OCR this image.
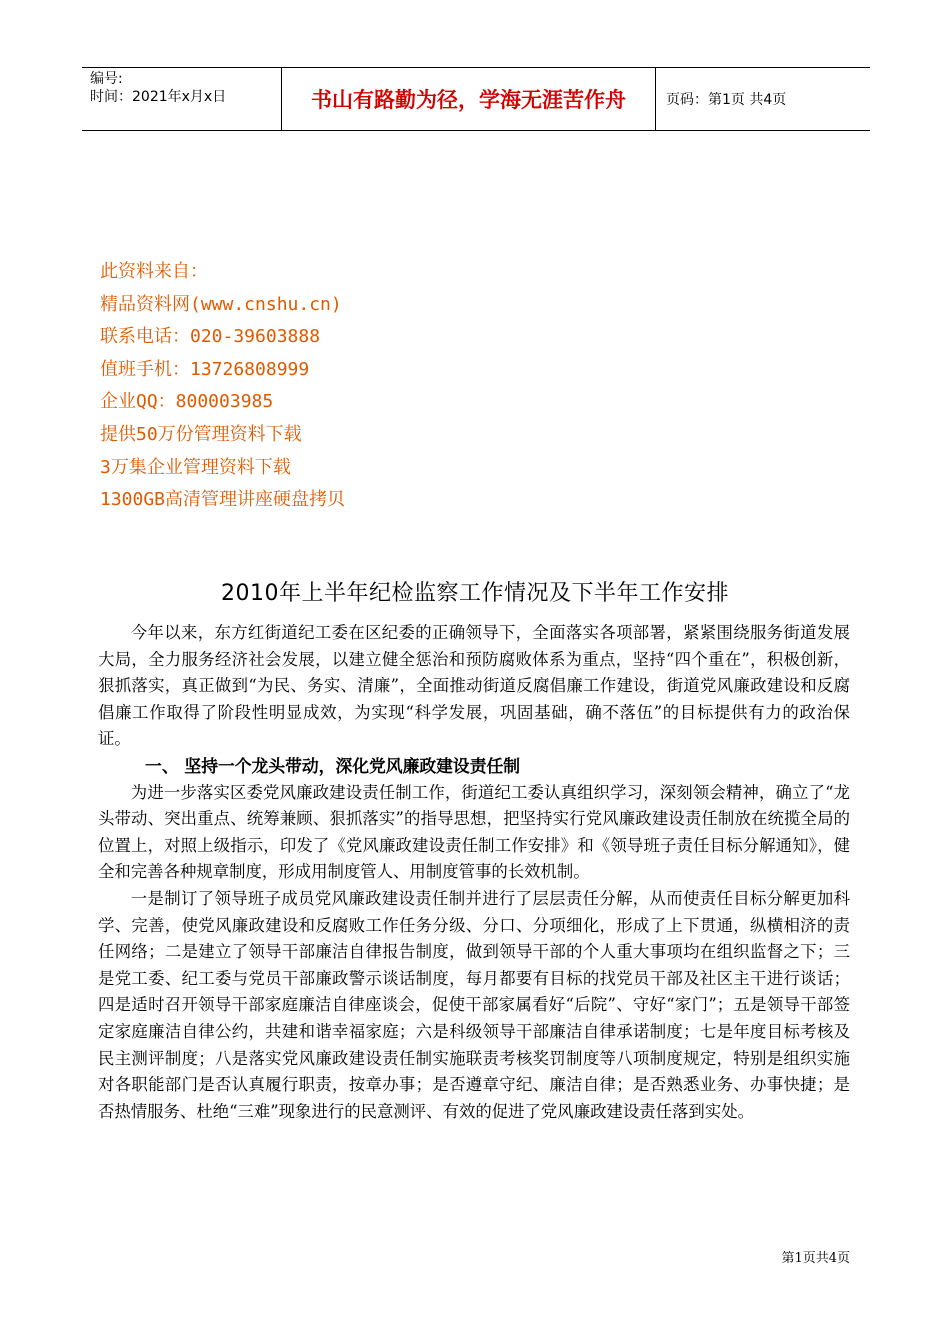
编号:
时间：2021年x月x日	书山有路勤为径，学海无涯苦作舟	页码：第1页 共4页
此资料来自：
精品资料网(www.cnshu.cn)
联系电话：020-39603888
值班手机：13726808999
企业QQ：800003985
提供50万份管理资料下载
3万集企业管理资料下载
1300GB高清管理讲座硬盘拷贝
2010年上半年纪检监察工作情况及下半年工作安排

今年以来，东方红街道纪工委在区纪委的正确领导下，全面落实各项部署，紧紧围绕服务街道发展大局，全力服务经济社会发展，以建立健全惩治和预防腐败体系为重点，坚持“四个重在”，积极创新，狠抓落实，真正做到“为民、务实、清廉”，全面推动街道反腐倡廉工作建设，街道党风廉政建设和反腐倡廉工作取得了阶段性明显成效，为实现“科学发展，巩固基础，确不落伍”的目标提供有力的政治保证。

一、 坚持一个龙头带动，深化党风廉政建设责任制

为进一步落实区委党风廉政建设责任制工作，街道纪工委认真组织学习，深刻领会精神，确立了“龙头带动、突出重点、统筹兼顾、狠抓落实”的指导思想，把坚持实行党风廉政建设责任制放在统揽全局的位置上，对照上级指示，印发了《党风廉政建设责任制工作安排》和《领导班子责任目标分解通知》，健全和完善各种规章制度，形成用制度管人、用制度管事的长效机制。

一是制订了领导班子成员党风廉政建设责任制并进行了层层责任分解，从而使责任目标分解更加科学、完善，使党风廉政建设和反腐败工作任务分级、分口、分项细化，形成了上下贯通，纵横相济的责任网络；二是建立了领导干部廉洁自律报告制度，做到领导干部的个人重大事项均在组织监督之下；三是党工委、纪工委与党员干部廉政警示谈话制度，每月都要有目标的找党员干部及社区主干进行谈话；四是适时召开领导干部家庭廉洁自律座谈会，促使干部家属看好“后院”、守好“家门”；五是领导干部签定家庭廉洁自律公约，共建和谐幸福家庭；六是科级领导干部廉洁自律承诺制度；七是年度目标考核及民主测评制度；八是落实党风廉政建设责任制实施联责考核奖罚制度等八项制度规定，特别是组织实施对各职能部门是否认真履行职责，按章办事；是否遵章守纪、廉洁自律；是否熟悉业务、办事快捷；是否热情服务、杜绝“三难”现象进行的民意测评、有效的促进了党风廉政建设责任落到实处。

第1页共4页
